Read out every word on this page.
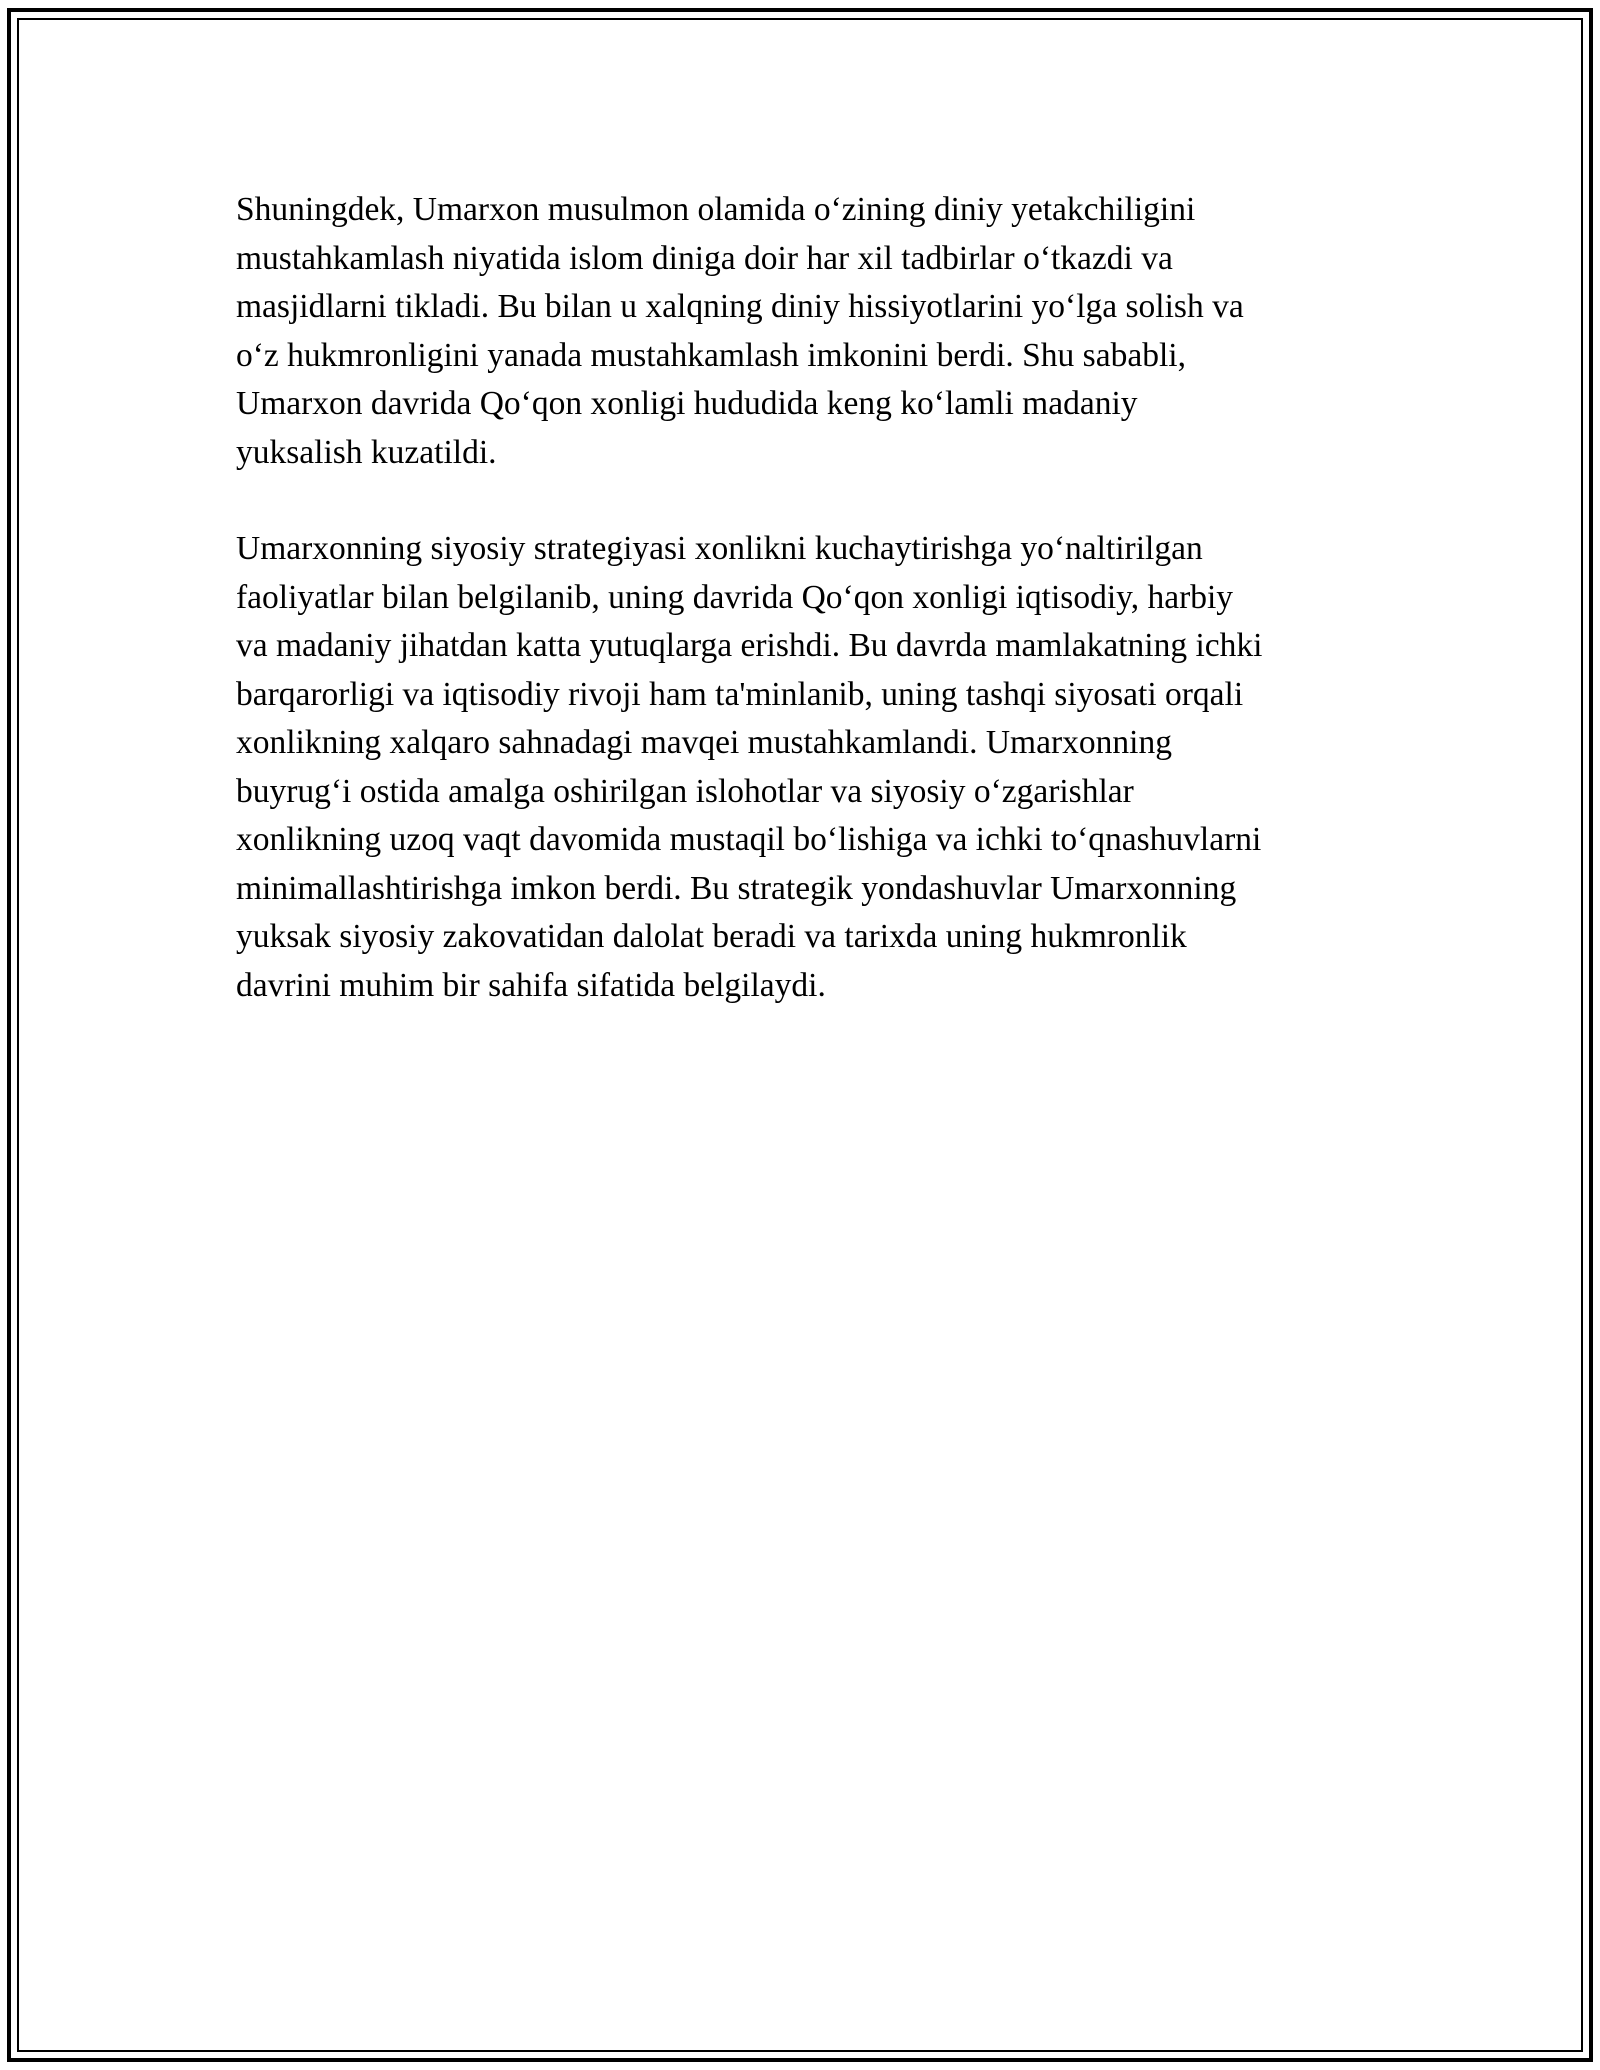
Shuningdek, Umarxon musulmon olamida o‘zining diniy yetakchiligini
mustahkamlash niyatida islom diniga doir har xil tadbirlar o‘tkazdi va
masjidlarni tikladi. Bu bilan u xalqning diniy hissiyotlarini yo‘lga solish va
o‘z hukmronligini yanada mustahkamlash imkonini berdi. Shu sababli,
Umarxon davrida Qo‘qon xonligi hududida keng ko‘lamli madaniy
yuksalish kuzatildi.

Umarxonning siyosiy strategiyasi xonlikni kuchaytirishga yo‘naltirilgan
faoliyatlar bilan belgilanib, uning davrida Qo‘qon xonligi iqtisodiy, harbiy
va madaniy jihatdan katta yutuqlarga erishdi. Bu davrda mamlakatning ichki
barqarorligi va iqtisodiy rivoji ham ta'minlanib, uning tashqi siyosati orqali
xonlikning xalqaro sahnadagi mavqei mustahkamlandi. Umarxonning
buyrug‘i ostida amalga oshirilgan islohotlar va siyosiy o‘zgarishlar
xonlikning uzoq vaqt davomida mustaqil bo‘lishiga va ichki to‘qnashuvlarni
minimallashtirishga imkon berdi. Bu strategik yondashuvlar Umarxonning
yuksak siyosiy zakovatidan dalolat beradi va tarixda uning hukmronlik
davrini muhim bir sahifa sifatida belgilaydi.
